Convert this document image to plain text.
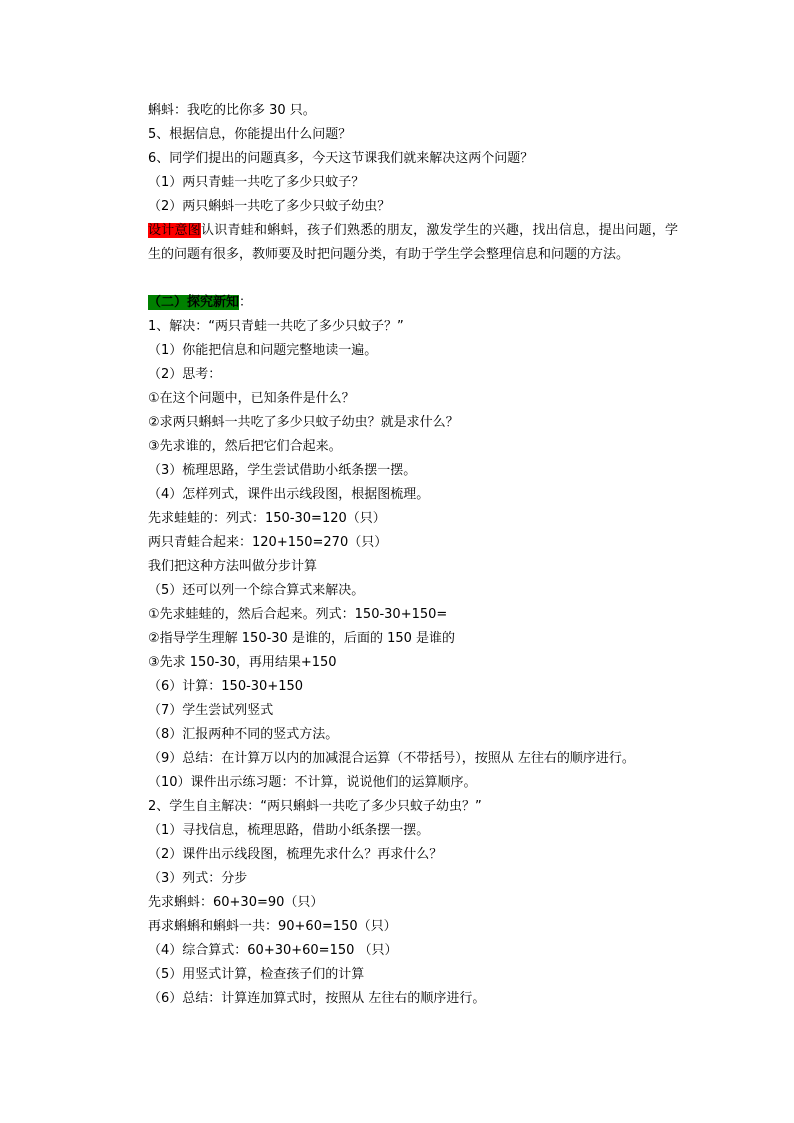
蝌蚪：我吃的比你多 30 只。
5、根据信息，你能提出什么问题？
6、同学们提出的问题真多，今天这节课我们就来解决这两个问题？
（1）两只青蛙一共吃了多少只蚊子？
（2）两只蝌蚪一共吃了多少只蚊子幼虫？
设计意图认识青蛙和蝌蚪，孩子们熟悉的朋友，激发学生的兴趣，找出信息，提出问题，学生的问题有很多，教师要及时把问题分类，有助于学生学会整理信息和问题的方法。
（二）探究新知：
1、解决：“两只青蛙一共吃了多少只蚊子？”
（1）你能把信息和问题完整地读一遍。
（2）思考：
①在这个问题中，已知条件是什么？
②求两只蝌蚪一共吃了多少只蚊子幼虫？就是求什么？
③先求谁的，然后把它们合起来。
（3）梳理思路，学生尝试借助小纸条摆一摆。
（4）怎样列式，课件出示线段图，根据图梳理。
先求蛙蛙的：列式：150-30=120（只）
两只青蛙合起来：120+150=270（只）
我们把这种方法叫做分步计算
（5）还可以列一个综合算式来解决。
①先求蛙蛙的，然后合起来。列式：150-30+150=
②指导学生理解 150-30 是谁的，后面的 150 是谁的
③先求 150-30，再用结果+150
（6）计算：150-30+150
（7）学生尝试列竖式
（8）汇报两种不同的竖式方法。
（9）总结：在计算万以内的加减混合运算（不带括号），按照从 左往右的顺序进行。
（10）课件出示练习题：不计算，说说他们的运算顺序。
2、学生自主解决：“两只蝌蚪一共吃了多少只蚊子幼虫？”
（1）寻找信息，梳理思路，借助小纸条摆一摆。
（2）课件出示线段图，梳理先求什么？再求什么？
（3）列式：分步
先求蝌蚪：60+30=90（只）
再求蝌蝌和蝌蚪一共：90+60=150（只）
（4）综合算式：60+30+60=150 （只）
（5）用竖式计算，检查孩子们的计算
（6）总结：计算连加算式时，按照从 左往右的顺序进行。
